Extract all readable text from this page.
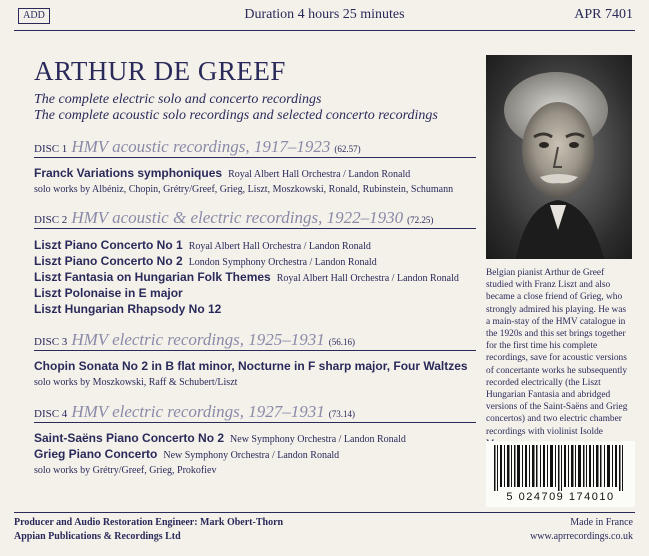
ADD	Duration 4 hours 25 minutes	APR 7401
ARTHUR DE GREEF
The complete electric solo and concerto recordings
The complete acoustic solo recordings and selected concerto recordings
DISC 1 HMV acoustic recordings, 1917–1923 (62.57)
Franck Variations symphoniques Royal Albert Hall Orchestra / Landon Ronald
solo works by Albéniz, Chopin, Grétry/Greef, Grieg, Liszt, Moszkowski, Ronald, Rubinstein, Schumann
DISC 2 HMV acoustic & electric recordings, 1922–1930 (72.25)
Liszt Piano Concerto No 1 Royal Albert Hall Orchestra / Landon Ronald
Liszt Piano Concerto No 2 London Symphony Orchestra / Landon Ronald
Liszt Fantasia on Hungarian Folk Themes Royal Albert Hall Orchestra / Landon Ronald
Liszt Polonaise in E major
Liszt Hungarian Rhapsody No 12
DISC 3 HMV electric recordings, 1925–1931 (56.16)
Chopin Sonata No 2 in B flat minor, Nocturne in F sharp major, Four Waltzes
solo works by Moszkowski, Raff & Schubert/Liszt
DISC 4 HMV electric recordings, 1927–1931 (73.14)
Saint-Saëns Piano Concerto No 2 New Symphony Orchestra / Landon Ronald
Grieg Piano Concerto New Symphony Orchestra / Landon Ronald
solo works by Grétry/Greef, Grieg, Prokofiev
Belgian pianist Arthur de Greef studied with Franz Liszt and also became a close friend of Grieg, who strongly admired his playing. He was a main-stay of the HMV catalogue in the 1920s and this set brings together for the first time his complete recordings, save for acoustic versions of concertante works he subsequently recorded electrically (the Liszt Hungarian Fantasia and abridged versions of the Saint-Saëns and Grieg concertos) and two electric chamber recordings with violinist Isolde
5 024709 174010
Producer and Audio Restoration Engineer: Mark Obert-Thorn
Appian Publications & Recordings Ltd
Made in France
www.aprrecordings.co.uk
